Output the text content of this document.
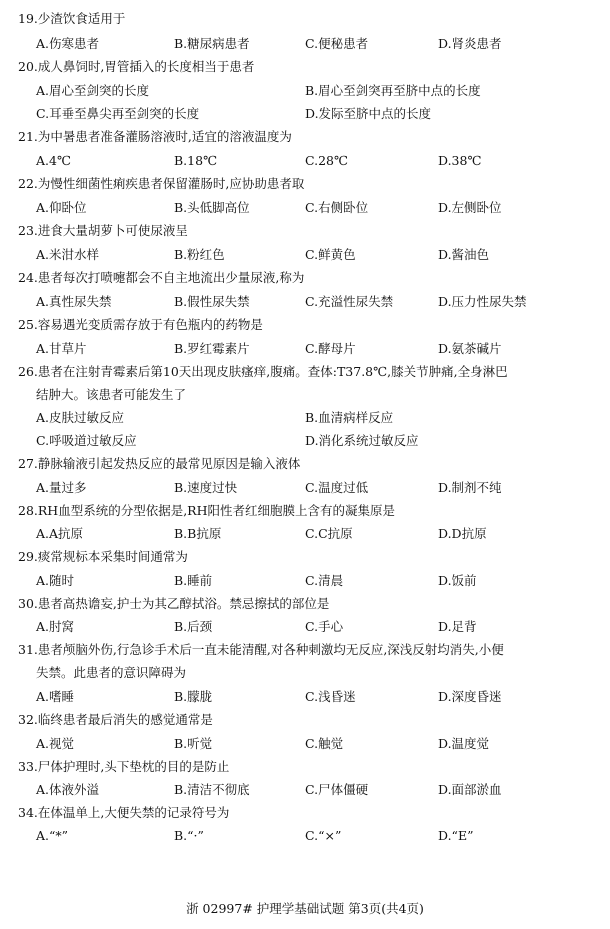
19.少渣饮食适用于
A.伤寒患者	B.糖尿病患者	C.便秘患者	D.肾炎患者
20.成人鼻饲时,胃管插入的长度相当于患者
A.眉心至剑突的长度	B.眉心至剑突再至脐中点的长度
C.耳垂至鼻尖再至剑突的长度	D.发际至脐中点的长度
21.为中暑患者准备灌肠溶液时,适宜的溶液温度为
A.4℃	B.18℃	C.28℃	D.38℃
22.为慢性细菌性痢疾患者保留灌肠时,应协助患者取
A.仰卧位	B.头低脚高位	C.右侧卧位	D.左侧卧位
23.进食大量胡萝卜可使尿液呈
A.米泔水样	B.粉红色	C.鲜黄色	D.酱油色
24.患者每次打喷嚏都会不自主地流出少量尿液,称为
A.真性尿失禁	B.假性尿失禁	C.充溢性尿失禁	D.压力性尿失禁
25.容易遇光变质需存放于有色瓶内的药物是
A.甘草片	B.罗红霉素片	C.酵母片	D.氨茶碱片
26.患者在注射青霉素后第10天出现皮肤瘙痒,腹痛。查体:T37.8℃,膝关节肿痛,全身淋巴
结肿大。该患者可能发生了
A.皮肤过敏反应	B.血清病样反应
C.呼吸道过敏反应	D.消化系统过敏反应
27.静脉输液引起发热反应的最常见原因是输入液体
A.量过多	B.速度过快	C.温度过低	D.制剂不纯
28.RH血型系统的分型依据是,RH阳性者红细胞膜上含有的凝集原是
A.A抗原	B.B抗原	C.C抗原	D.D抗原
29.痰常规标本采集时间通常为
A.随时	B.睡前	C.清晨	D.饭前
30.患者高热谵妄,护士为其乙醇拭浴。禁忌擦拭的部位是
A.肘窝	B.后颈	C.手心	D.足背
31.患者颅脑外伤,行急诊手术后一直未能清醒,对各种刺激均无反应,深浅反射均消失,小便
失禁。此患者的意识障碍为
A.嗜睡	B.朦胧	C.浅昏迷	D.深度昏迷
32.临终患者最后消失的感觉通常是
A.视觉	B.听觉	C.触觉	D.温度觉
33.尸体护理时,头下垫枕的目的是防止
A.体液外溢	B.清洁不彻底	C.尸体僵硬	D.面部淤血
34.在体温单上,大便失禁的记录符号为
A.“*”	B.“·”	C.“×”	D.“E”
浙 02997# 护理学基础试题 第3页(共4页)
